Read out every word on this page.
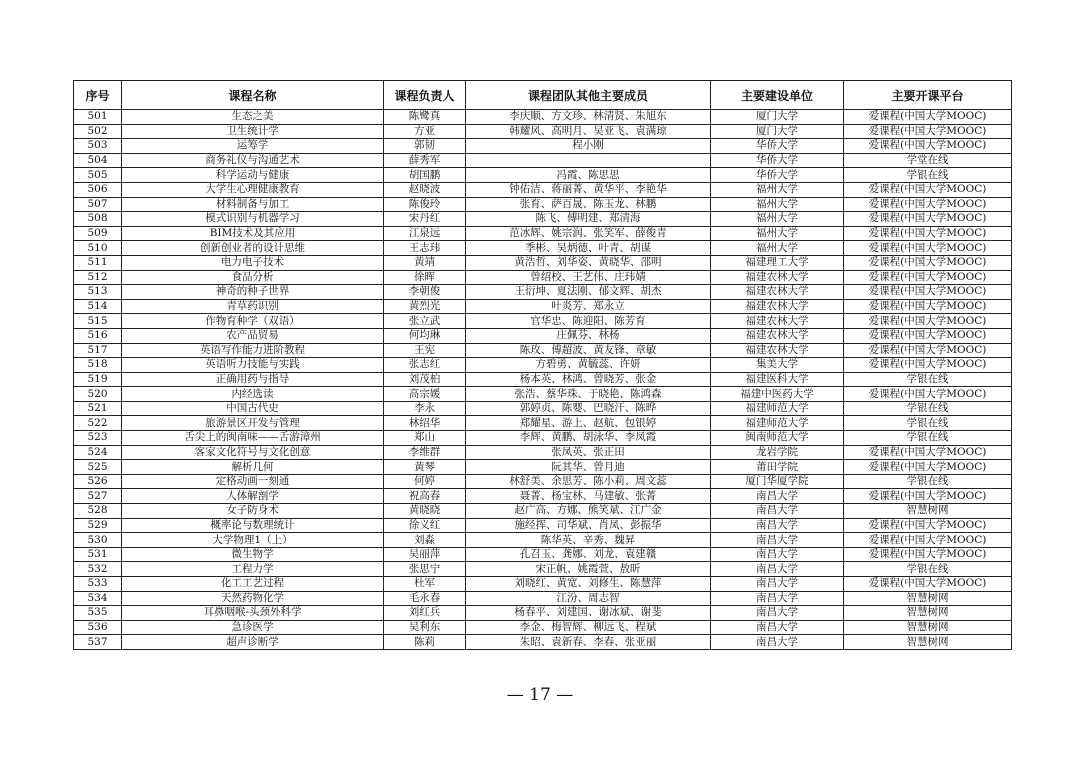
序号	课程名称	课程负责人	课程团队其他主要成员	主要建设单位	主要开课平台
501	生态之美	陈鹭真	李庆顺、方文珍、林清贤、朱旭东	厦门大学	爱课程(中国大学MOOC)
502	卫生统计学	方亚	韩耀风、高明月、吴亚飞、袁满琼	厦门大学	爱课程(中国大学MOOC)
503	运筹学	郭韧	程小刚	华侨大学	爱课程(中国大学MOOC)
504	商务礼仪与沟通艺术	薛秀军		华侨大学	学堂在线
505	科学运动与健康	胡国鹏	冯霞、陈思思	华侨大学	学银在线
506	大学生心理健康教育	赵晓波	钟佑洁、蒋丽菁、黄华平、李艳华	福州大学	爱课程(中国大学MOOC)
507	材料制备与加工	陈俊玲	张育、萨百晟、陈玉龙、林鹏	福州大学	爱课程(中国大学MOOC)
508	模式识别与机器学习	宋丹红	陈飞、傅明建、郑清海	福州大学	爱课程(中国大学MOOC)
509	BIM技术及其应用	江泉远	范冰辉、姚宗润、张笑军、薛俊青	福州大学	爱课程(中国大学MOOC)
510	创新创业者的设计思维	王志玮	季彬、吴炳德、叶青、胡谋	福州大学	爱课程(中国大学MOOC)
511	电力电子技术	黄靖	黄浩哲、刘华姿、黄晓华、邵明	福建理工大学	爱课程(中国大学MOOC)
512	食品分析	徐晖	曾绍校、王艺伟、庄玮婧	福建农林大学	爱课程(中国大学MOOC)
513	神奇的种子世界	李朝俊	王衍坤、夏法刚、郁文辉、胡杰	福建农林大学	爱课程(中国大学MOOC)
514	青草药识别	黄烈光	叶炎芳、郑永立	福建农林大学	爱课程(中国大学MOOC)
515	作物育种学（双语）	张立武	官华忠、陈迎阳、陈芳育	福建农林大学	爱课程(中国大学MOOC)
516	农产品贸易	何均琳	庄佩芬、林杨	福建农林大学	爱课程(中国大学MOOC)
517	英语写作能力进阶教程	王宪	陈玫、傅超波、黄友锋、章敏	福建农林大学	爱课程(中国大学MOOC)
518	英语听力技能与实践	张志红	方碧勇、黄毓蕊、许妍	集美大学	爱课程(中国大学MOOC)
519	正确用药与指导	刘茂柏	杨本英、林鸿、曾晓芳、张金	福建医科大学	学银在线
520	内经选读	高宗媛	张浩、蔡华珠、于晓艳、陈鸿森	福建中医药大学	爱课程(中国大学MOOC)
521	中国古代史	李永	郭婷贞、陈婴、巴晓汗、陈晔	福建师范大学	学银在线
522	旅游景区开发与管理	林绍华	郑耀星、游上、赵航、包银婷	福建师范大学	学银在线
523	舌尖上的闽南味——舌游漳州	郑山	李辉、黄鹏、胡泳华、李凤霞	闽南师范大学	学银在线
524	客家文化符号与文化创意	李维群	张凤英、张正田	龙岩学院	爱课程(中国大学MOOC)
525	解析几何	黄琴	阮其华、曾月迪	莆田学院	爱课程(中国大学MOOC)
526	定格动画一刻通	何婷	林舒美、余思芳、陈小莉、周文蕊	厦门华厦学院	学银在线
527	人体解剖学	祝高春	聂菁、杨宝林、马建敏、张菁	南昌大学	爱课程(中国大学MOOC)
528	女子防身术	黄晓晓	赵广高、方娜、熊笑斌、江广金	南昌大学	智慧树网
529	概率论与数理统计	徐义红	施经挥、司华斌、肖凤、彭振华	南昌大学	爱课程(中国大学MOOC)
530	大学物理1（上）	刘淼	陈华英、辛秀、魏昇	南昌大学	爱课程(中国大学MOOC)
531	微生物学	吴丽萍	孔召玉、龚娜、刘龙、袁建赣	南昌大学	爱课程(中国大学MOOC)
532	工程力学	张思宁	宋正帆、姚霞萱、敖昕	南昌大学	学银在线
533	化工工艺过程	杜军	刘晓红、黄宽、刘修生、陈慧萍	南昌大学	爱课程(中国大学MOOC)
534	天然药物化学	毛永春	江汾、周志智	南昌大学	智慧树网
535	耳鼻咽喉-头颈外科学	刘红兵	杨春平、刘建国、谢冰斌、谢斐	南昌大学	智慧树网
536	急诊医学	吴利东	李金、梅智辉、柳远飞、程斌	南昌大学	智慧树网
537	超声诊断学	陈莉	朱昭、袁新春、李春、张亚丽	南昌大学	智慧树网
— 17 —
